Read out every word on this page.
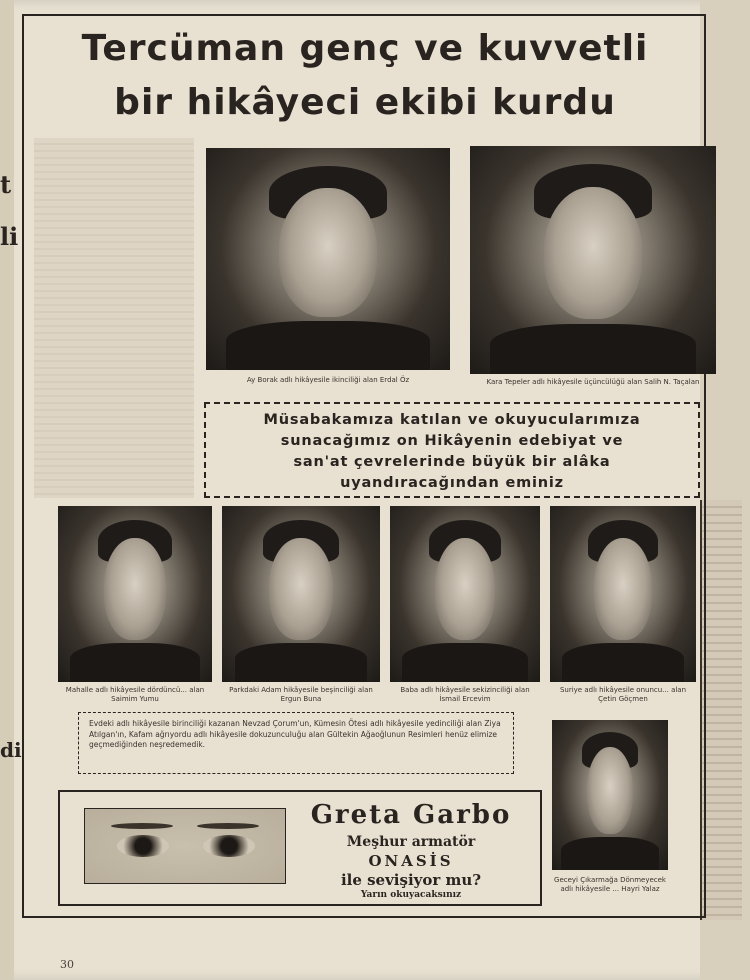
t
li
di
Tercüman genç ve kuvvetli
bir hikâyeci ekibi kurdu
Ay Borak adlı hikâyesile ikinciliği alan Erdal Öz	Kara Tepeler adlı hikâyesile üçüncülüğü alan Salih N. Taçalan
Müsabakamıza katılan ve okuyucularımıza
sunacağımız on Hikâyenin edebiyat ve
san'at çevrelerinde büyük bir alâka
uyandıracağından eminiz
Mahalle adlı hikâyesile dördüncü... alan Saimim Yumu
Parkdaki Adam hikâyesile beşinciliği alan Ergun Buna
Baba adlı hikâyesile sekizinciliği alan İsmail Ercevim
Suriye adlı hikâyesile onuncu... alan Çetin Göçmen
Evdeki adlı hikâyesile birinciliği kazanan Nevzad Çorum'un, Kümesin Ötesi adlı hikâyesile yedinciliği alan Ziya Atılgan'ın, Kafam ağrıyordu adlı hikâyesile dokuzunculuğu alan Gültekin Ağaoğlunun Resimleri henüz elimize geçmediğinden neşredemedik.
Geceyi Çıkarmağa Dönmeyecek adlı hikâyesile ... Hayri Yalaz
Greta Garbo
Meşhur armatör
ONASİS
ile sevişiyor mu?
Yarın okuyacaksınız
30
